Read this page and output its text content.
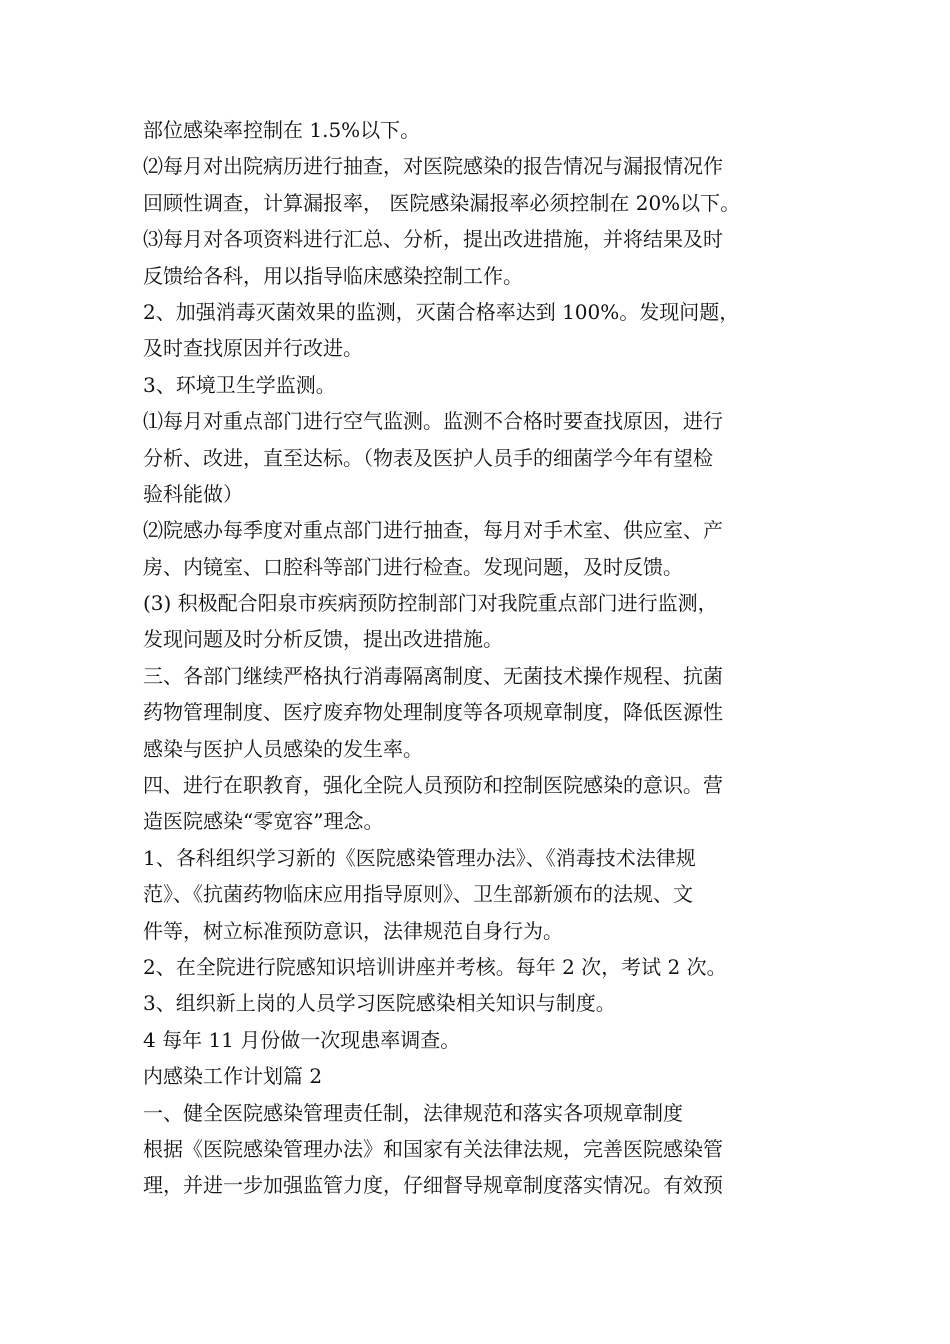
部位感染率控制在 1.5%以下。
⑵每月对出院病历进行抽查，对医院感染的报告情况与漏报情况作
回顾性调查，计算漏报率， 医院感染漏报率必须控制在 20%以下。
⑶每月对各项资料进行汇总、分析，提出改进措施，并将结果及时
反馈给各科，用以指导临床感染控制工作。
2、加强消毒灭菌效果的监测，灭菌合格率达到 100%。发现问题，
及时查找原因并行改进。
3、环境卫生学监测。
⑴每月对重点部门进行空气监测。监测不合格时要查找原因，进行
分析、改进，直至达标。（物表及医护人员手的细菌学今年有望检
验科能做）
⑵院感办每季度对重点部门进行抽查，每月对手术室、供应室、产
房、内镜室、口腔科等部门进行检查。发现问题，及时反馈。
(3) 积极配合阳泉市疾病预防控制部门对我院重点部门进行监测，
发现问题及时分析反馈，提出改进措施。
三、各部门继续严格执行消毒隔离制度、无菌技术操作规程、抗菌
药物管理制度、医疗废弃物处理制度等各项规章制度，降低医源性
感染与医护人员感染的发生率。
四、进行在职教育，强化全院人员预防和控制医院感染的意识。营
造医院感染“零宽容”理念。
1、各科组织学习新的《医院感染管理办法》、《消毒技术法律规
范》、《抗菌药物临床应用指导原则》、卫生部新颁布的法规、文
件等，树立标准预防意识，法律规范自身行为。
2、在全院进行院感知识培训讲座并考核。每年 2 次，考试 2 次。
3、组织新上岗的人员学习医院感染相关知识与制度。
4 每年 11 月份做一次现患率调查。
内感染工作计划篇 2
一、健全医院感染管理责任制，法律规范和落实各项规章制度
根据《医院感染管理办法》和国家有关法律法规，完善医院感染管
理，并进一步加强监管力度，仔细督导规章制度落实情况。有效预
